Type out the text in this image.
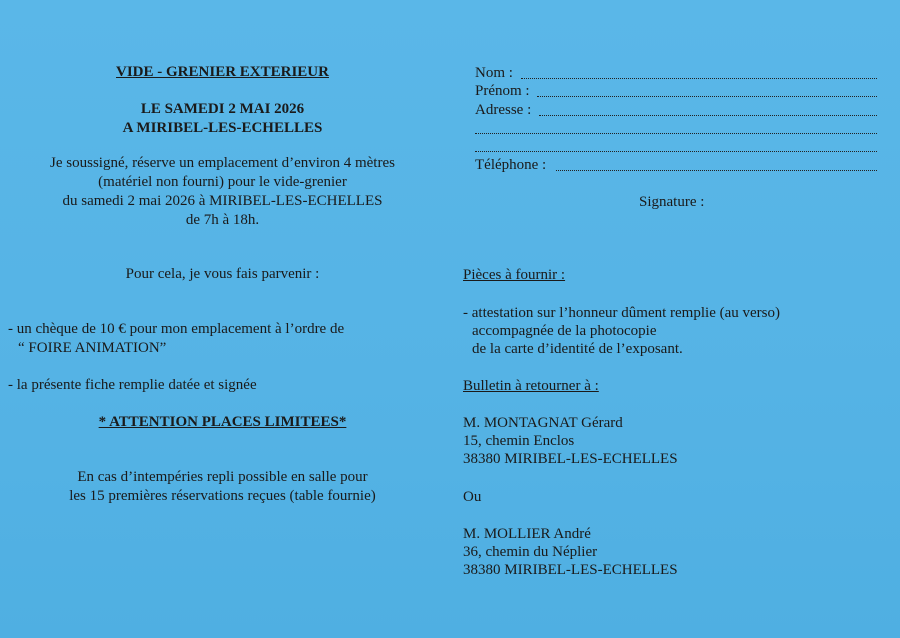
VIDE - GRENIER EXTERIEUR
LE SAMEDI 2 MAI 2026
A MIRIBEL-LES-ECHELLES
Je soussigné, réserve un emplacement d’environ 4 mètres
(matériel non fourni) pour le vide-grenier
du samedi 2 mai 2026 à MIRIBEL-LES-ECHELLES
de 7h à 18h.
Pour cela, je vous fais parvenir :
- un chèque de 10 € pour mon emplacement à l’ordre de
“ FOIRE ANIMATION”
- la présente fiche remplie datée et signée
* ATTENTION PLACES LIMITEES*
En cas d’intempéries repli possible en salle pour
les 15 premières réservations reçues (table fournie)
Nom :
Prénom :
Adresse :
Téléphone :
Signature :
Pièces à fournir :
- attestation sur l’honneur dûment remplie (au verso)
accompagnée de la photocopie
de la carte d’identité de l’exposant.
Bulletin à retourner à :
M. MONTAGNAT Gérard
15, chemin Enclos
38380 MIRIBEL-LES-ECHELLES
Ou
M. MOLLIER André
36, chemin du Néplier
38380 MIRIBEL-LES-ECHELLES
